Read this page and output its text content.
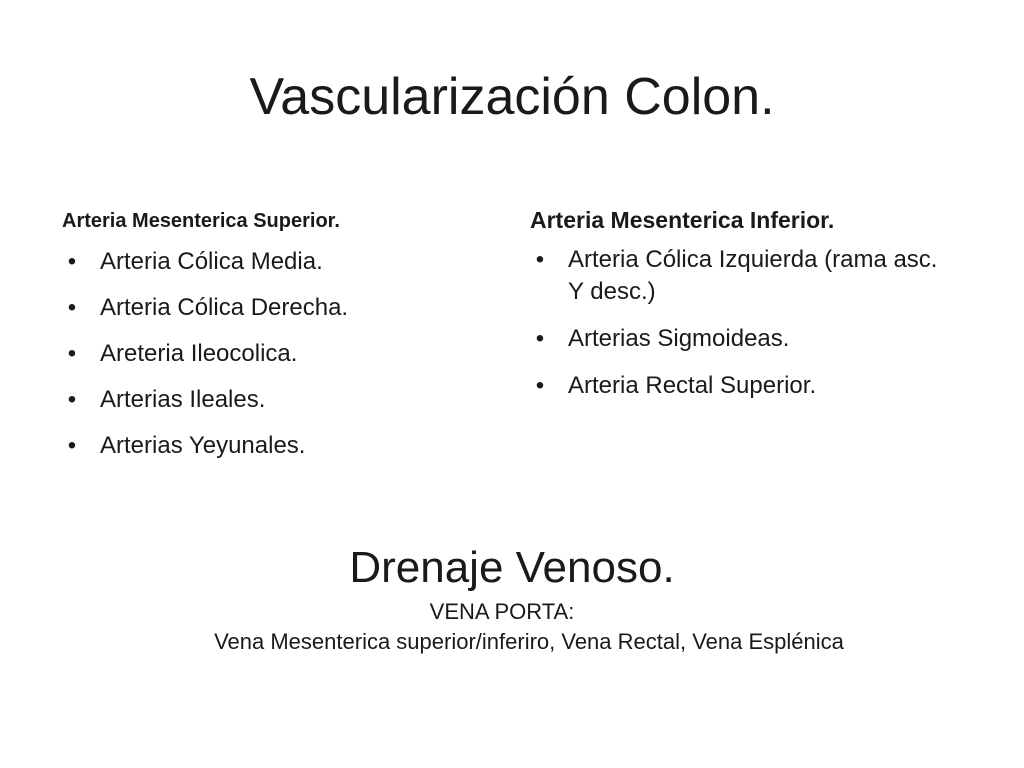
Vascularización Colon.

Arteria Mesenterica Superior.

• Arteria Cólica Media.
• Arteria Cólica Derecha.
• Areteria Ileocolica.
• Arterias Ileales.
• Arterias Yeyunales.

Arteria Mesenterica Inferior.

• Arteria Cólica Izquierda (rama asc. Y desc.)
• Arterias Sigmoideas.
• Arteria Rectal Superior.
Drenaje Venoso.

VENA PORTA:

Vena Mesenterica superior/inferiro, Vena Rectal, Vena Esplénica
